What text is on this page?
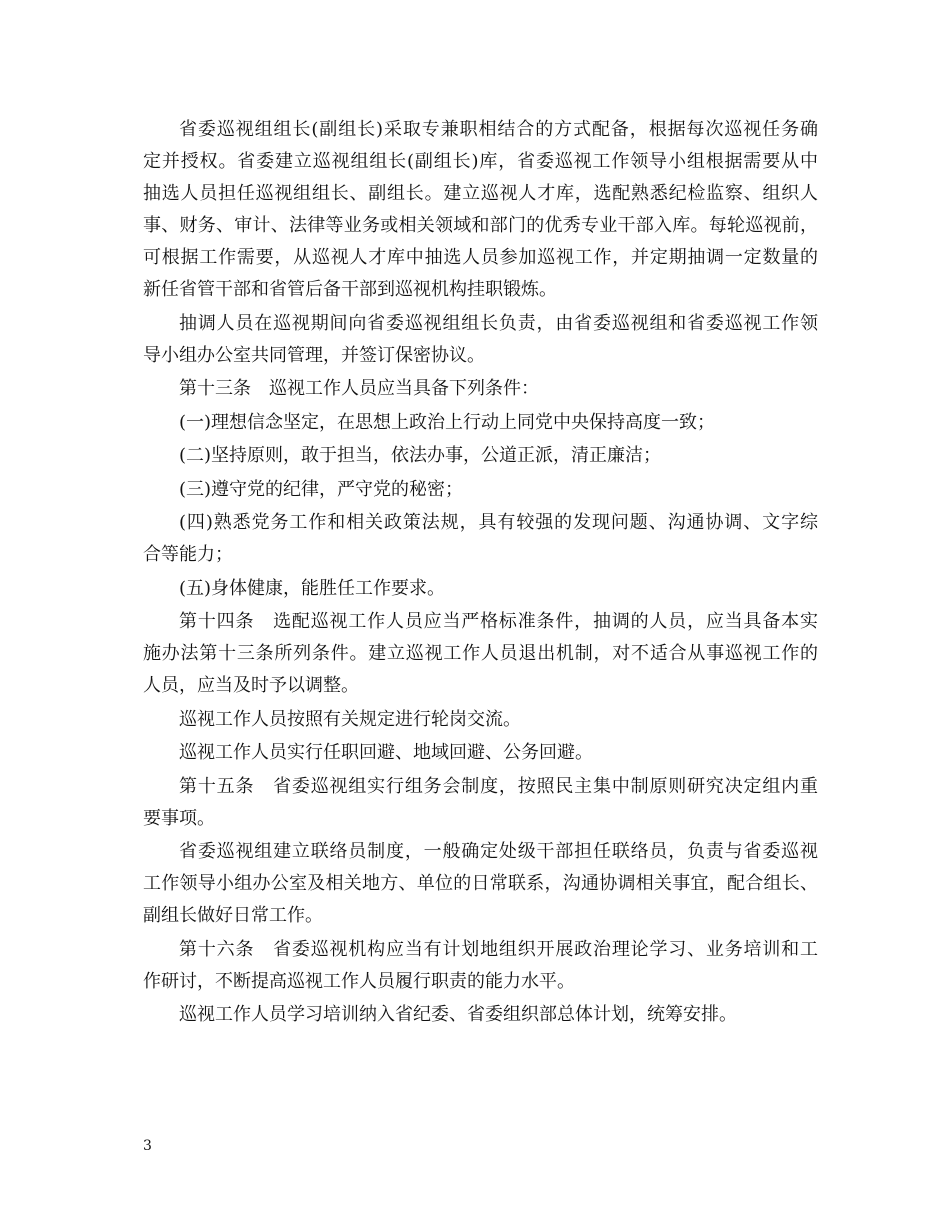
省委巡视组组长(副组长)采取专兼职相结合的方式配备，根据每次巡视任务确
定并授权。省委建立巡视组组长(副组长)库，省委巡视工作领导小组根据需要从中
抽选人员担任巡视组组长、副组长。建立巡视人才库，选配熟悉纪检监察、组织人
事、财务、审计、法律等业务或相关领域和部门的优秀专业干部入库。每轮巡视前，
可根据工作需要，从巡视人才库中抽选人员参加巡视工作，并定期抽调一定数量的
新任省管干部和省管后备干部到巡视机构挂职锻炼。
抽调人员在巡视期间向省委巡视组组长负责，由省委巡视组和省委巡视工作领
导小组办公室共同管理，并签订保密协议。
第十三条　巡视工作人员应当具备下列条件：
(一)理想信念坚定，在思想上政治上行动上同党中央保持高度一致；
(二)坚持原则，敢于担当，依法办事，公道正派，清正廉洁；
(三)遵守党的纪律，严守党的秘密；
(四)熟悉党务工作和相关政策法规，具有较强的发现问题、沟通协调、文字综
合等能力；
(五)身体健康，能胜任工作要求。
第十四条　选配巡视工作人员应当严格标准条件，抽调的人员，应当具备本实
施办法第十三条所列条件。建立巡视工作人员退出机制，对不适合从事巡视工作的
人员，应当及时予以调整。
巡视工作人员按照有关规定进行轮岗交流。
巡视工作人员实行任职回避、地域回避、公务回避。
第十五条　省委巡视组实行组务会制度，按照民主集中制原则研究决定组内重
要事项。
省委巡视组建立联络员制度，一般确定处级干部担任联络员，负责与省委巡视
工作领导小组办公室及相关地方、单位的日常联系，沟通协调相关事宜，配合组长、
副组长做好日常工作。
第十六条　省委巡视机构应当有计划地组织开展政治理论学习、业务培训和工
作研讨，不断提高巡视工作人员履行职责的能力水平。
巡视工作人员学习培训纳入省纪委、省委组织部总体计划，统筹安排。
3
